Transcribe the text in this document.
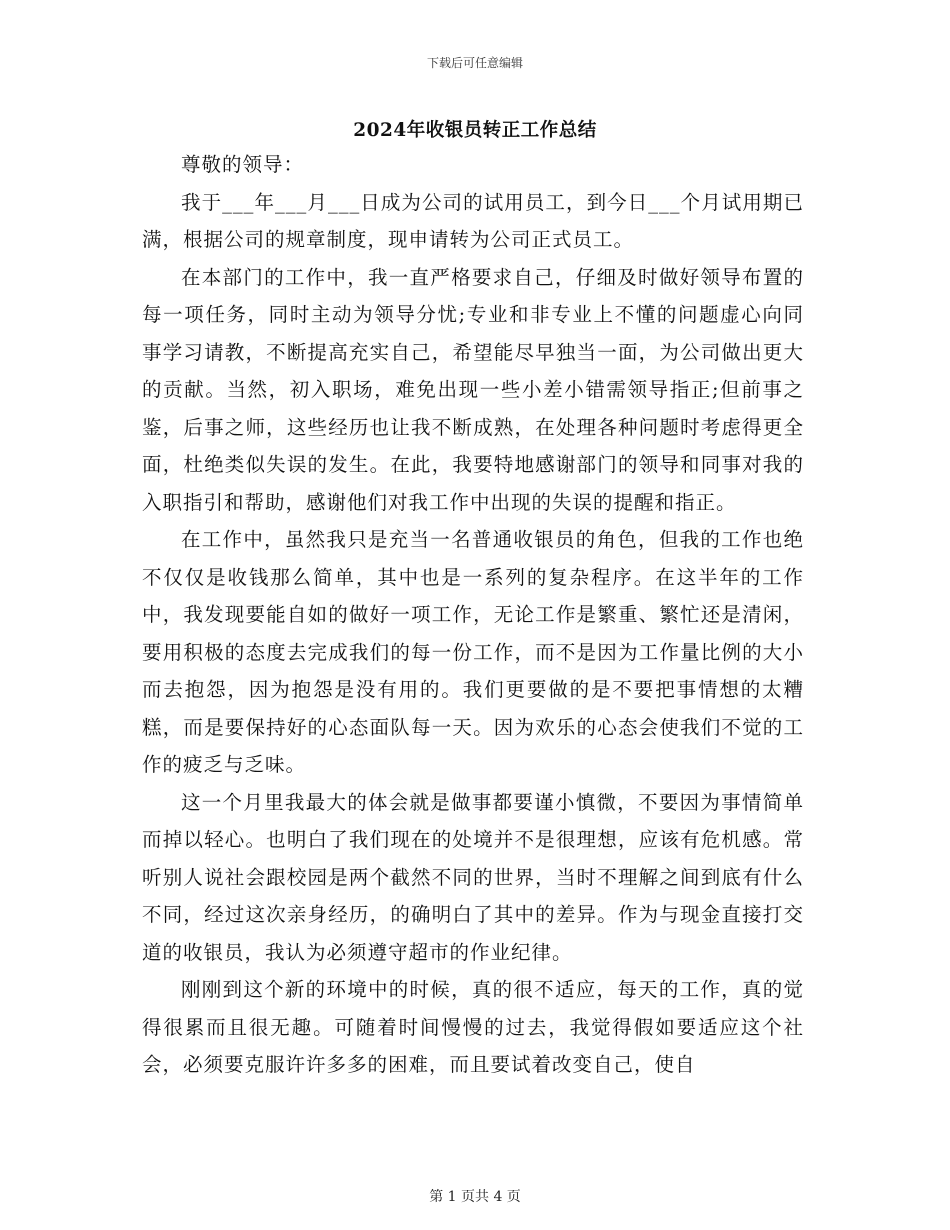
下载后可任意编辑
2024年收银员转正工作总结

尊敬的领导：

我于___年___月___日成为公司的试用员工，到今日___个月试用期已满，根据公司的规章制度，现申请转为公司正式员工。

在本部门的工作中，我一直严格要求自己，仔细及时做好领导布置的每一项任务，同时主动为领导分忧;专业和非专业上不懂的问题虚心向同事学习请教，不断提高充实自己，希望能尽早独当一面，为公司做出更大的贡献。当然，初入职场，难免出现一些小差小错需领导指正;但前事之鉴，后事之师，这些经历也让我不断成熟，在处理各种问题时考虑得更全面，杜绝类似失误的发生。在此，我要特地感谢部门的领导和同事对我的入职指引和帮助，感谢他们对我工作中出现的失误的提醒和指正。

在工作中，虽然我只是充当一名普通收银员的角色，但我的工作也绝不仅仅是收钱那么简单，其中也是一系列的复杂程序。在这半年的工作中，我发现要能自如的做好一项工作，无论工作是繁重、繁忙还是清闲，要用积极的态度去完成我们的每一份工作，而不是因为工作量比例的大小而去抱怨，因为抱怨是没有用的。我们更要做的是不要把事情想的太糟糕，而是要保持好的心态面队每一天。因为欢乐的心态会使我们不觉的工作的疲乏与乏味。

这一个月里我最大的体会就是做事都要谨小慎微，不要因为事情简单而掉以轻心。也明白了我们现在的处境并不是很理想，应该有危机感。常听别人说社会跟校园是两个截然不同的世界，当时不理解之间到底有什么不同，经过这次亲身经历，的确明白了其中的差异。作为与现金直接打交道的收银员，我认为必须遵守超市的作业纪律。

刚刚到这个新的环境中的时候，真的很不适应，每天的工作，真的觉得很累而且很无趣。可随着时间慢慢的过去，我觉得假如要适应这个社会，必须要克服许许多多的困难，而且要试着改变自己，使自

第 1 页共 4 页
